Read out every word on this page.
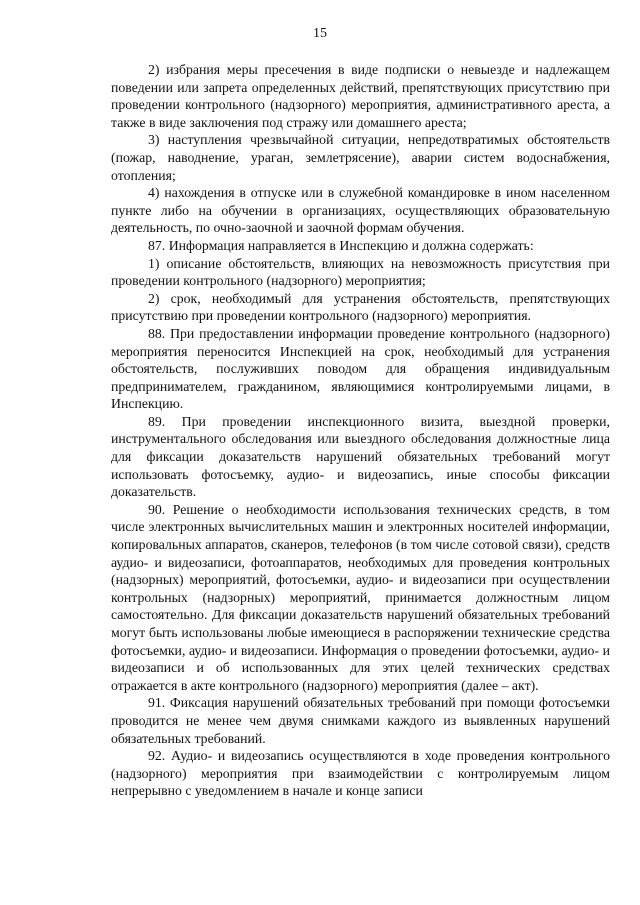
15

2) избрания меры пресечения в виде подписки о невыезде и надлежащем поведении или запрета определенных действий, препятствующих присутствию при проведении контрольного (надзорного) мероприятия, административного ареста, а также в виде заключения под стражу или домашнего ареста;

3) наступления чрезвычайной ситуации, непредотвратимых обстоятельств (пожар, наводнение, ураган, землетрясение), аварии систем водоснабжения, отопления;

4) нахождения в отпуске или в служебной командировке в ином населенном пункте либо на обучении в организациях, осуществляющих образовательную деятельность, по очно-заочной и заочной формам обучения.

87. Информация направляется в Инспекцию и должна содержать:

1) описание обстоятельств, влияющих на невозможность присутствия при проведении контрольного (надзорного) мероприятия;

2) срок, необходимый для устранения обстоятельств, препятствующих присутствию при проведении контрольного (надзорного) мероприятия.

88. При предоставлении информации проведение контрольного (надзорного) мероприятия переносится Инспекцией на срок, необходимый для устранения обстоятельств, послуживших поводом для обращения индивидуальным предпринимателем, гражданином, являющимися контролируемыми лицами, в Инспекцию.

89. При проведении инспекционного визита, выездной проверки, инструментального обследования или выездного обследования должностные лица для фиксации доказательств нарушений обязательных требований могут использовать фотосъемку, аудио- и видеозапись, иные способы фиксации доказательств.

90. Решение о необходимости использования технических средств, в том числе электронных вычислительных машин и электронных носителей информации, копировальных аппаратов, сканеров, телефонов (в том числе сотовой связи), средств аудио- и видеозаписи, фотоаппаратов, необходимых для проведения контрольных (надзорных) мероприятий, фотосъемки, аудио- и видеозаписи при осуществлении контрольных (надзорных) мероприятий, принимается должностным лицом самостоятельно. Для фиксации доказательств нарушений обязательных требований могут быть использованы любые имеющиеся в распоряжении технические средства фотосъемки, аудио- и видеозаписи. Информация о проведении фотосъемки, аудио- и видеозаписи и об использованных для этих целей технических средствах отражается в акте контрольного (надзорного) мероприятия (далее – акт).

91. Фиксация нарушений обязательных требований при помощи фотосъемки проводится не менее чем двумя снимками каждого из выявленных нарушений обязательных требований.

92. Аудио- и видеозапись осуществляются в ходе проведения контрольного (надзорного) мероприятия при взаимодействии с контролируемым лицом непрерывно с уведомлением в начале и конце записи
